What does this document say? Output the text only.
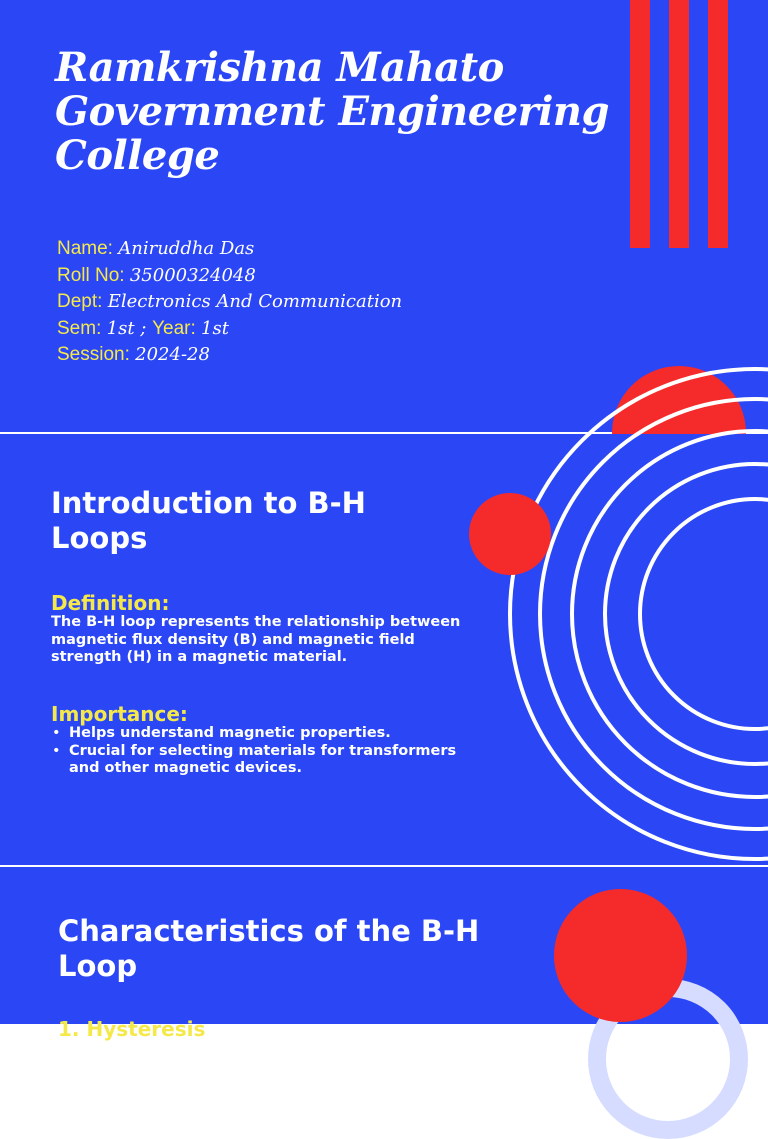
Ramkrishna Mahato Government Engineering College
Name: Aniruddha Das
Roll No: 35000324048
Dept: Electronics And Communication
Sem: 1st ; Year: 1st
Session: 2024-28
Introduction to B-H Loops
Definition:

The B-H loop represents the relationship between magnetic flux density (B) and magnetic field strength (H) in a magnetic material.

Importance:
• Helps understand magnetic properties.
• Crucial for selecting materials for transformers and other magnetic devices.
Characteristics of the B-H Loop
1. Hysteresis
